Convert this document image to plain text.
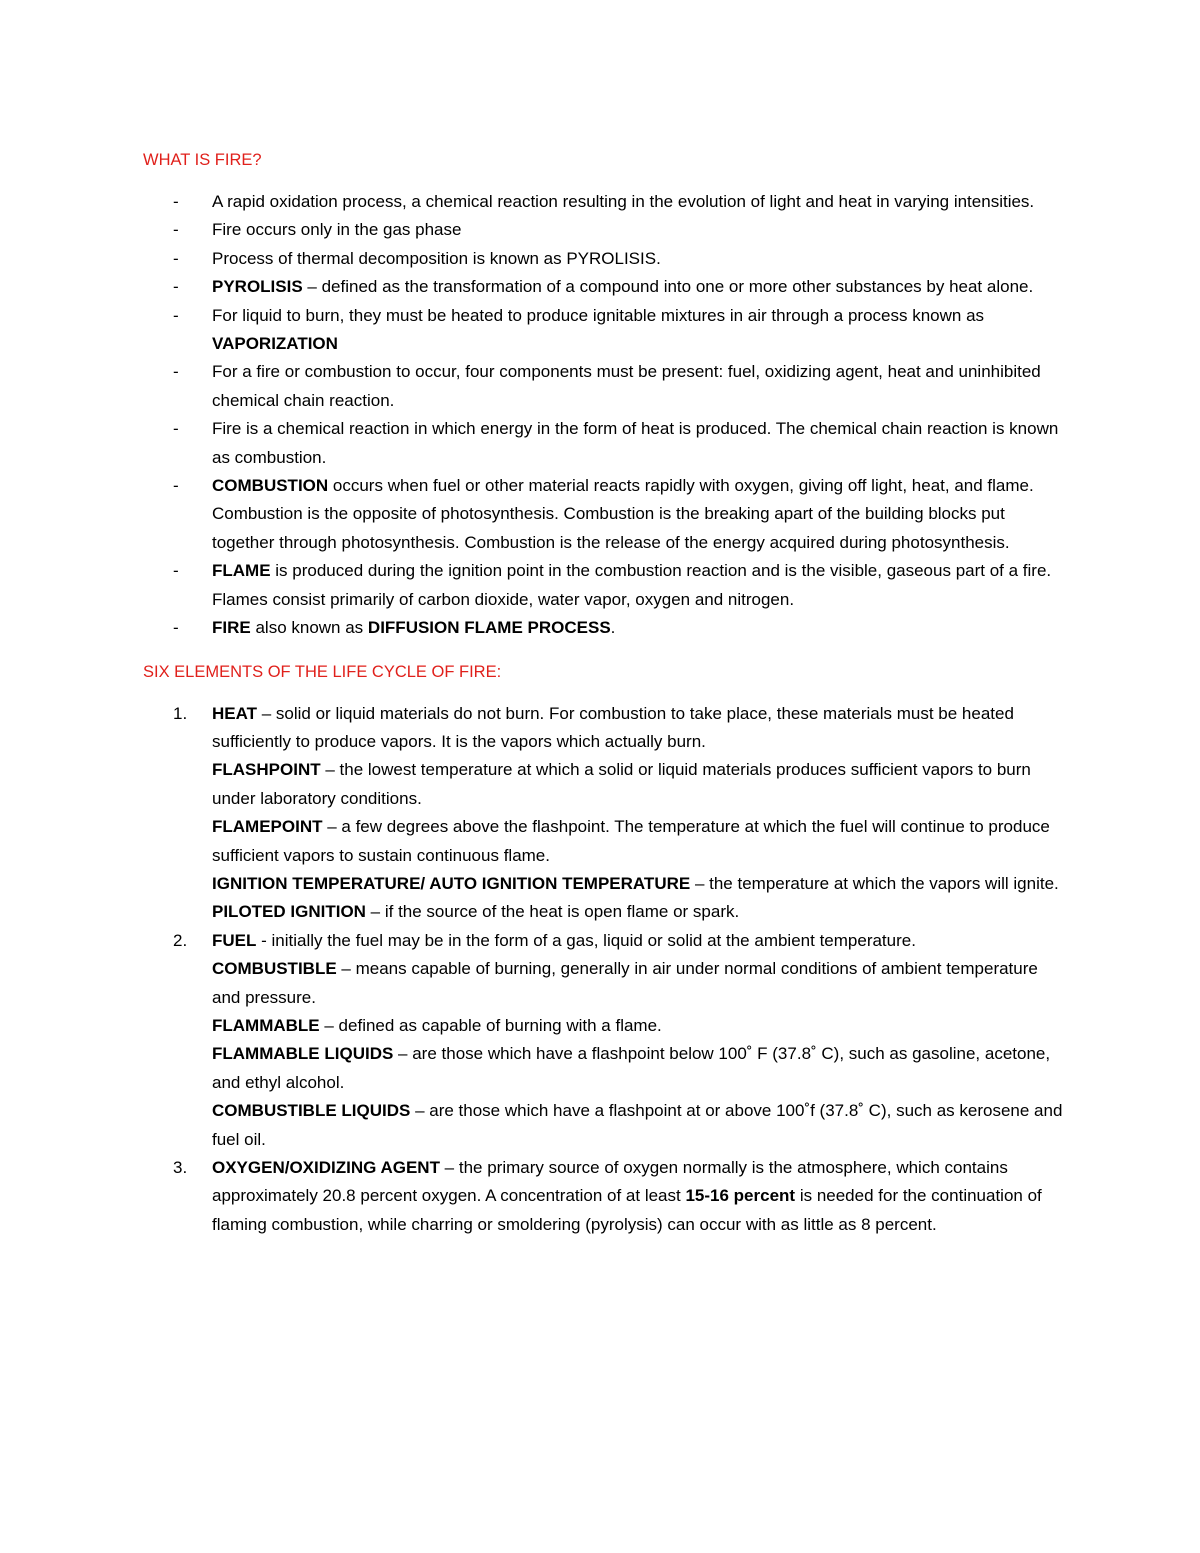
WHAT IS FIRE?

- A rapid oxidation process, a chemical reaction resulting in the evolution of light and heat in varying intensities.
- Fire occurs only in the gas phase
- Process of thermal decomposition is known as PYROLISIS.
- PYROLISIS – defined as the transformation of a compound into one or more other substances by heat alone.
- For liquid to burn, they must be heated to produce ignitable mixtures in air through a process known as VAPORIZATION
- For a fire or combustion to occur, four components must be present: fuel, oxidizing agent, heat and uninhibited chemical chain reaction.
- Fire is a chemical reaction in which energy in the form of heat is produced. The chemical chain reaction is known as combustion.
- COMBUSTION occurs when fuel or other material reacts rapidly with oxygen, giving off light, heat, and flame. Combustion is the opposite of photosynthesis. Combustion is the breaking apart of the building blocks put together through photosynthesis. Combustion is the release of the energy acquired during photosynthesis.
- FLAME is produced during the ignition point in the combustion reaction and is the visible, gaseous part of a fire. Flames consist primarily of carbon dioxide, water vapor, oxygen and nitrogen.
- FIRE also known as DIFFUSION FLAME PROCESS.

SIX ELEMENTS OF THE LIFE CYCLE OF FIRE:

1. HEAT – solid or liquid materials do not burn. For combustion to take place, these materials must be heated sufficiently to produce vapors. It is the vapors which actually burn.
FLASHPOINT – the lowest temperature at which a solid or liquid materials produces sufficient vapors to burn under laboratory conditions.
FLAMEPOINT – a few degrees above the flashpoint. The temperature at which the fuel will continue to produce sufficient vapors to sustain continuous flame.
IGNITION TEMPERATURE/ AUTO IGNITION TEMPERATURE – the temperature at which the vapors will ignite.
PILOTED IGNITION – if the source of the heat is open flame or spark.
2. FUEL - initially the fuel may be in the form of a gas, liquid or solid at the ambient temperature.
COMBUSTIBLE – means capable of burning, generally in air under normal conditions of ambient temperature and pressure.
FLAMMABLE – defined as capable of burning with a flame.
FLAMMABLE LIQUIDS – are those which have a flashpoint below 100˚ F (37.8˚ C), such as gasoline, acetone, and ethyl alcohol.
COMBUSTIBLE LIQUIDS – are those which have a flashpoint at or above 100˚f (37.8˚ C), such as kerosene and fuel oil.
3. OXYGEN/OXIDIZING AGENT – the primary source of oxygen normally is the atmosphere, which contains approximately 20.8 percent oxygen. A concentration of at least 15-16 percent is needed for the continuation of flaming combustion, while charring or smoldering (pyrolysis) can occur with as little as 8 percent.
